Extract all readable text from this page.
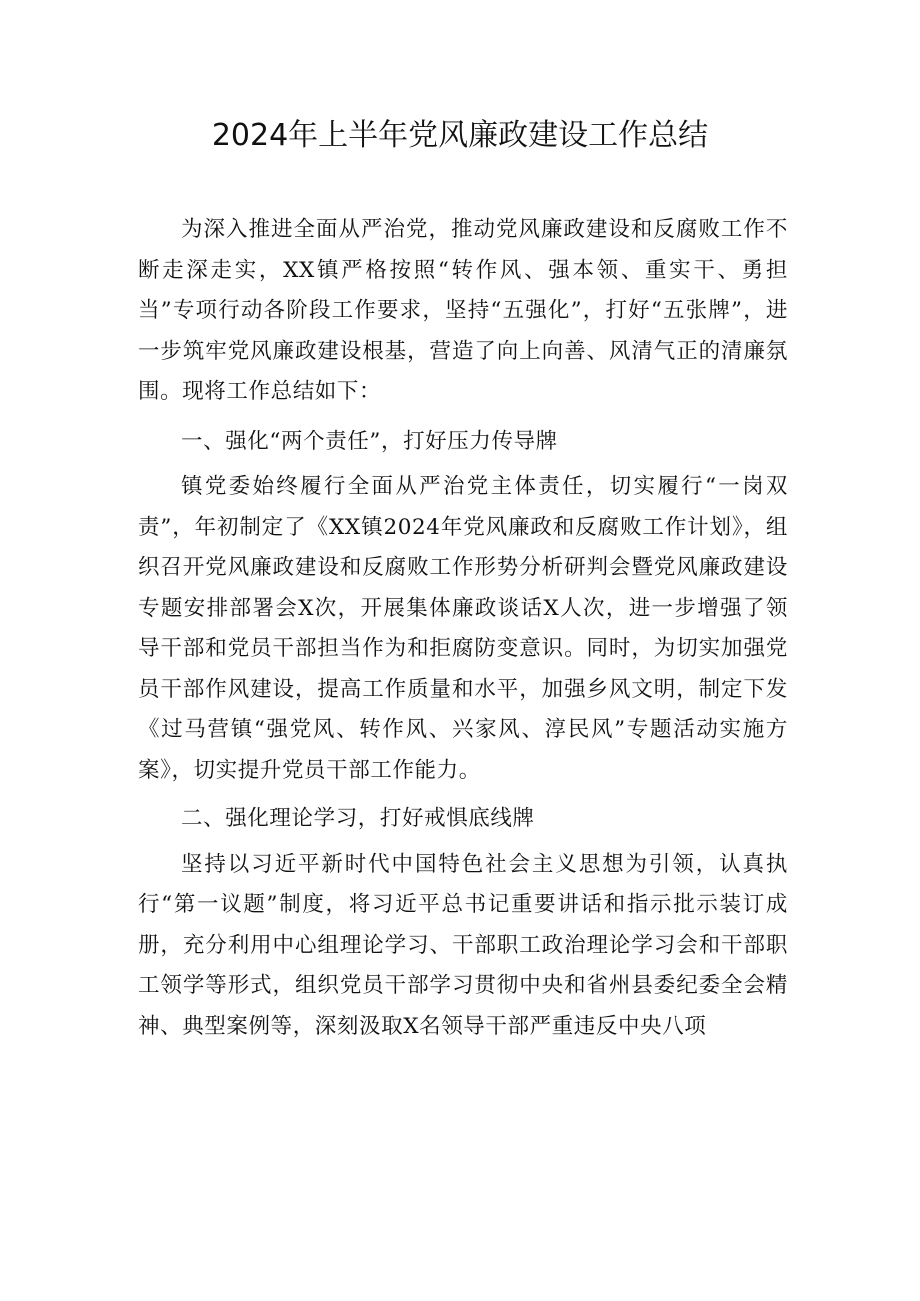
2024年上半年党风廉政建设工作总结

为深入推进全面从严治党，推动党风廉政建设和反腐败工作不断走深走实，XX镇严格按照“转作风、强本领、重实干、勇担当”专项行动各阶段工作要求，坚持“五强化”，打好“五张牌”，进一步筑牢党风廉政建设根基，营造了向上向善、风清气正的清廉氛围。现将工作总结如下：

一、强化“两个责任”，打好压力传导牌

镇党委始终履行全面从严治党主体责任，切实履行“一岗双责”，年初制定了《XX镇2024年党风廉政和反腐败工作计划》，组织召开党风廉政建设和反腐败工作形势分析研判会暨党风廉政建设专题安排部署会X次，开展集体廉政谈话X人次，进一步增强了领导干部和党员干部担当作为和拒腐防变意识。同时，为切实加强党员干部作风建设，提高工作质量和水平，加强乡风文明，制定下发《过马营镇“强党风、转作风、兴家风、淳民风”专题活动实施方案》，切实提升党员干部工作能力。

二、强化理论学习，打好戒惧底线牌

坚持以习近平新时代中国特色社会主义思想为引领，认真执行“第一议题”制度，将习近平总书记重要讲话和指示批示装订成册，充分利用中心组理论学习、干部职工政治理论学习会和干部职工领学等形式，组织党员干部学习贯彻中央和省州县委纪委全会精神、典型案例等，深刻汲取X名领导干部严重违反中央八项
